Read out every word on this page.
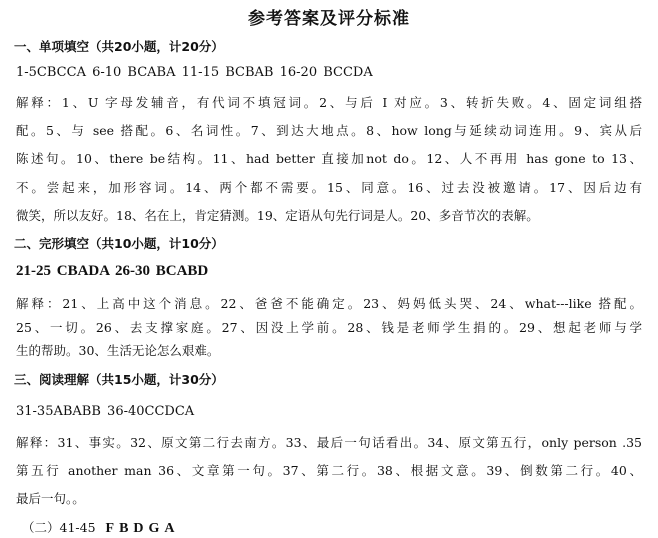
参考答案及评分标准
一、单项填空（共20小题，计20分）
1-5CBCCA 6-10 BCABA 11-15 BCBAB 16-20 BCCDA
解释：1、U 字母发辅音，有代词不填冠词。2、与后 I 对应。3、转折失败。4、固定词组搭
配。5、与 see 搭配。6、名词性。7、到达大地点。8、how long与延续动词连用。9、宾从后
陈述句。10、there be结构。11、had better 直接加not do。12、人不再用 has gone to 13、
不。尝起来，加形容词。14、两个都不需要。15、同意。16、过去没被邀请。17、因后边有
微笑，所以友好。18、名在上，肯定猜测。19、定语从句先行词是人。20、多音节次的表解。
二、完形填空（共10小题，计10分）
21-25 CBADA 26-30 BCABD
解释：21、上高中这个消息。22、爸爸不能确定。23、妈妈低头哭、24、what---like 搭配。
25、一切。26、去支撑家庭。27、因没上学前。28、钱是老师学生捐的。29、想起老师与学
生的帮助。30、生活无论怎么艰难。
三、阅读理解（共15小题，计30分）
31-35ABABB 36-40CCDCA
解释：31、事实。32、原文第二行去南方。33、最后一句话看出。34、原文第五行，only person .35
第五行 another man 36、文章第一句。37、第二行。38、根据文意。39、倒数第二行。40、
最后一句。。
（二）41-45 FBDGA
